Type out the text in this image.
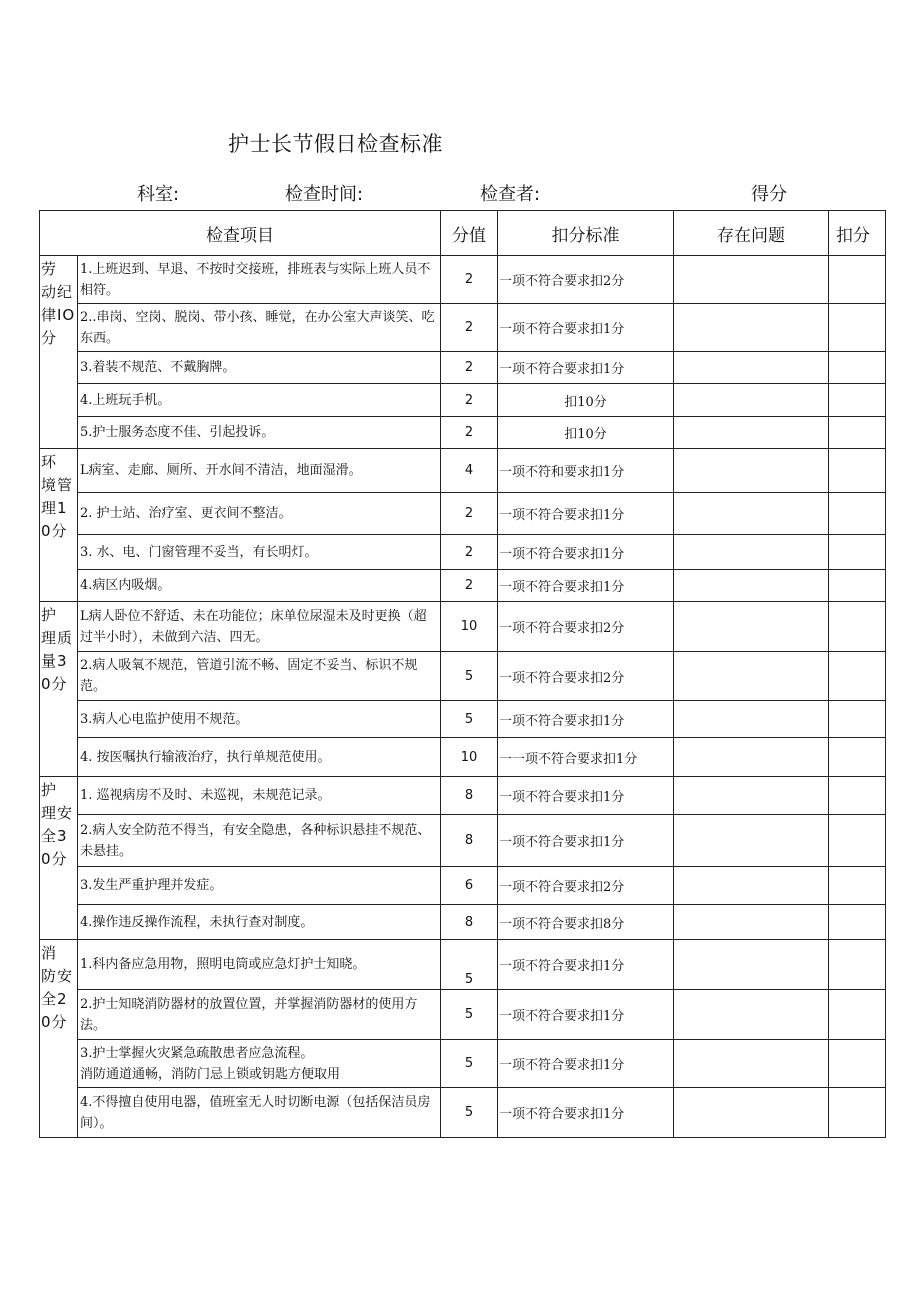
护士长节假日检查标准
科室:	检查时间:	检查者:	得分
检查项目		分值	扣分标准	存在问题	扣分
劳 动纪律IO分	1.上班迟到、早退、不按时交接班，排班表与实际上班人员不相符。	2	一项不符合要求扣2分		
	2..串岗、空岗、脱岗、带小孩、睡觉，在办公室大声谈笑、吃东西。	2	一项不符合要求扣1分		
	3.着装不规范、不戴胸牌。	2	一项不符合要求扣1分		
	4.上班玩手机。	2	扣10分		
	5.护士服务态度不佳、引起投诉。	2	扣10分		
环 境管理10分	L病室、走廊、厕所、开水间不清洁，地面湿滑。	4	一项不符和要求扣1分		
	2. 护士站、治疗室、更衣间不整洁。	2	一项不符合要求扣1分		
	3. 水、电、门窗管理不妥当，有长明灯。	2	一项不符合要求扣1分		
	4.病区内吸烟。	2	一项不符合要求扣1分		
护 理质量30分	L病人卧位不舒适、未在功能位；床单位尿湿未及时更换（超过半小时），未做到六洁、四无。	10	一项不符合要求扣2分		
	2.病人吸氧不规范，管道引流不畅、固定不妥当、标识不规范。	5	一项不符合要求扣2分		
	3.病人心电监护使用不规范。	5	一项不符合要求扣1分		
	4. 按医嘱执行输液治疗，执行单规范使用。	10	一一项不符合要求扣1分		
护 理安全30分	1. 巡视病房不及时、未巡视，未规范记录。	8	一项不符合要求扣1分		
	2.病人安全防范不得当，有安全隐患，各种标识悬挂不规范、未悬挂。	8	一项不符合要求扣1分		
	3.发生严重护理并发症。	6	一项不符合要求扣2分		
	4.操作违反操作流程，未执行查对制度。	8	一项不符合要求扣8分		
消 防安全20分	1.科内备应急用物，照明电筒或应急灯护士知晓。	5	一项不符合要求扣1分		
	2.护士知晓消防器材的放置位置，并掌握消防器材的使用方法。	5	一项不符合要求扣1分		
	3.护士掌握火灾紧急疏散患者应急流程。
消防通道通畅，消防门忌上锁或钥匙方便取用	5	一项不符合要求扣1分		
	4.不得擅自使用电器，值班室无人时切断电源（包括保洁员房间）。	5	一项不符合要求扣1分		
